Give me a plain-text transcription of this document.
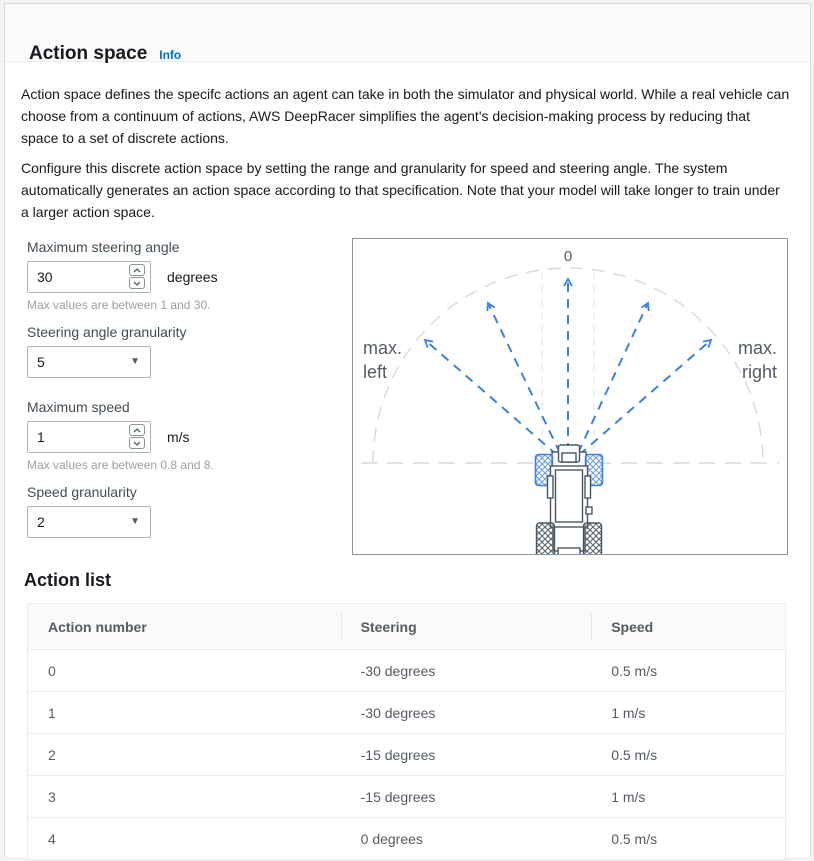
Action space Info

Action space defines the specifc actions an agent can take in both the simulator and physical world. While a real vehicle can choose from a continuum of actions, AWS DeepRacer simplifies the agent's decision-making process by reducing that space to a set of discrete actions.

Configure this discrete action space by setting the range and granularity for speed and steering angle. The system automatically generates an action space according to that specification. Note that your model will take longer to train under a larger action space.

Maximum steering angle
30
degrees
Max values are between 1 and 30.
Steering angle granularity
5	▼
Maximum speed
1
m/s
Max values are between 0.8 and 8.
Speed granularity
2	▼
0
max.
left
max.
right
Action list
Action number	Steering	Speed
0	-30 degrees	0.5 m/s
1	-30 degrees	1 m/s
2	-15 degrees	0.5 m/s
3	-15 degrees	1 m/s
4	0 degrees	0.5 m/s
